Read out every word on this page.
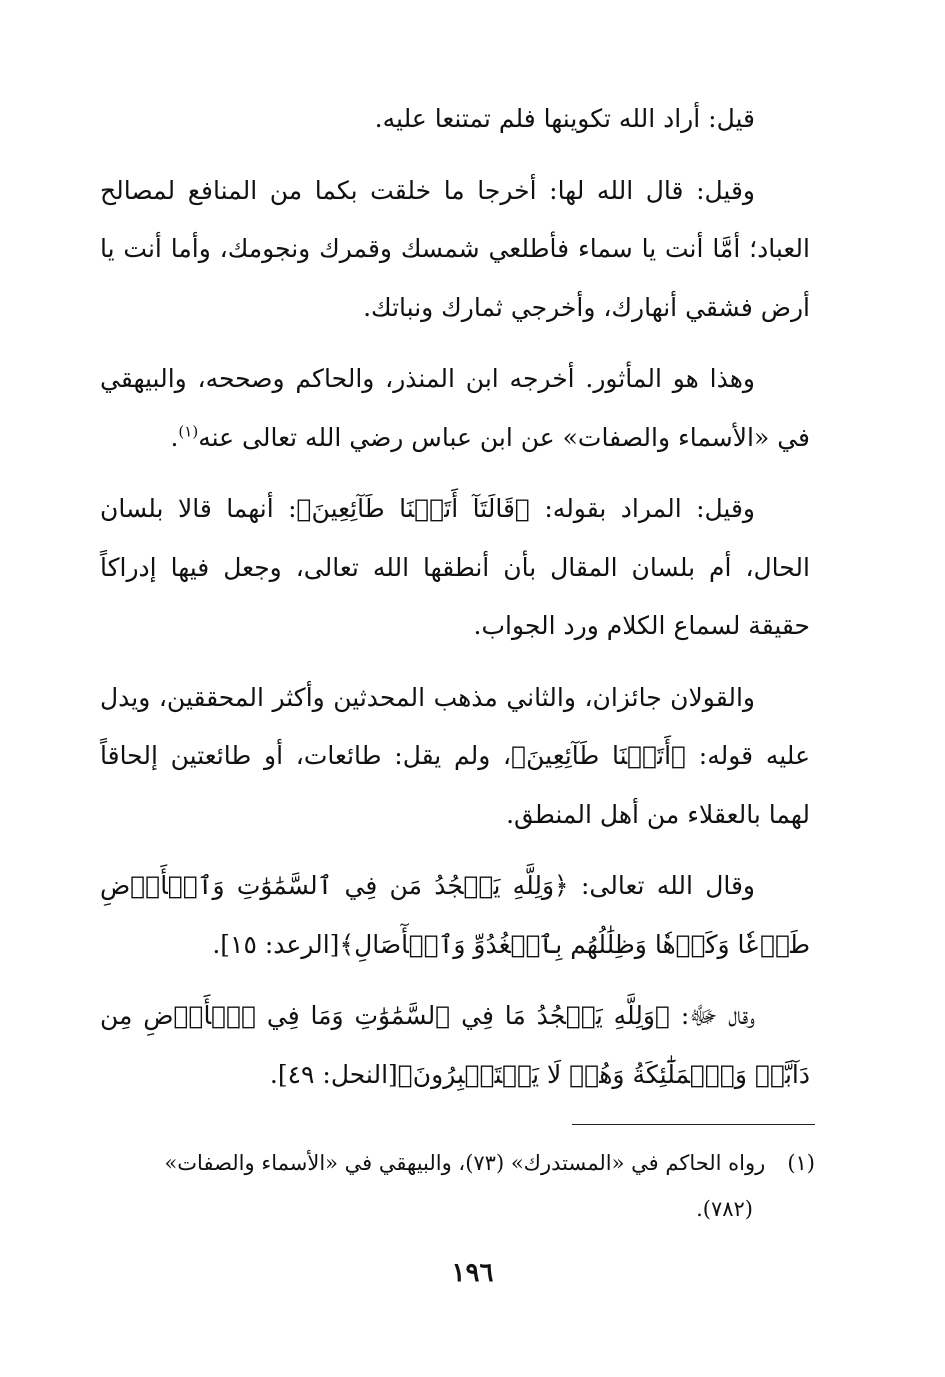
قيل: أراد الله تكوينها فلم تمتنعا عليه.

وقيل: قال الله لها: أخرجا ما خلقت بكما من المنافع لمصالح العباد؛ أمَّا أنت يا سماء فأطلعي شمسك وقمرك ونجومك، وأما أنت يا أرض فشقي أنهارك، وأخرجي ثمارك ونباتك.

وهذا هو المأثور. أخرجه ابن المنذر، والحاكم وصححه، والبيهقي في «الأسماء والصفات» عن ابن عباس رضي الله تعالى عنه$^{(١)}$.

وقيل: المراد بقوله: ﴿قَالَتَآ أَتَيۡنَا طَآئِعِينَ﴾: أنهما قالا بلسان الحال، أم بلسان المقال بأن أنطقها الله تعالى، وجعل فيها إدراكاً حقيقة لسماع الكلام ورد الجواب.

والقولان جائزان، والثاني مذهب المحدثين وأكثر المحققين، ويدل عليه قوله: ﴿أَتَيۡنَا طَآئِعِينَ﴾، ولم يقل: طائعات، أو طائعتين إلحاقاً لهما بالعقلاء من أهل المنطق.

وقال الله تعالى: ﴿وَلِلَّهِ يَسۡجُدُ مَن فِي ٱلسَّمَٰوَٰتِ وَٱلۡأَرۡضِ طَوۡعٗا وَكَرۡهٗا وَظِلَٰلُهُم بِٱلۡغُدُوِّ وَٱلۡأٓصَالِ﴾[الرعد: ١٥].

وقال ﷻ: ﴿وَلِلَّهِ يَسۡجُدُ مَا فِي ٱلسَّمَٰوَٰتِ وَمَا فِي ٱلۡأَرۡضِ مِن دَآبَّةٖ وَٱلۡمَلَٰٓئِكَةُ وَهُمۡ لَا يَسۡتَكۡبِرُونَ﴾[النحل: ٤٩].

(١)رواه الحاكم في «المستدرك» (٧٣)، والبيهقي في «الأسماء والصفات»
(٧٨٢).

١٩٦
